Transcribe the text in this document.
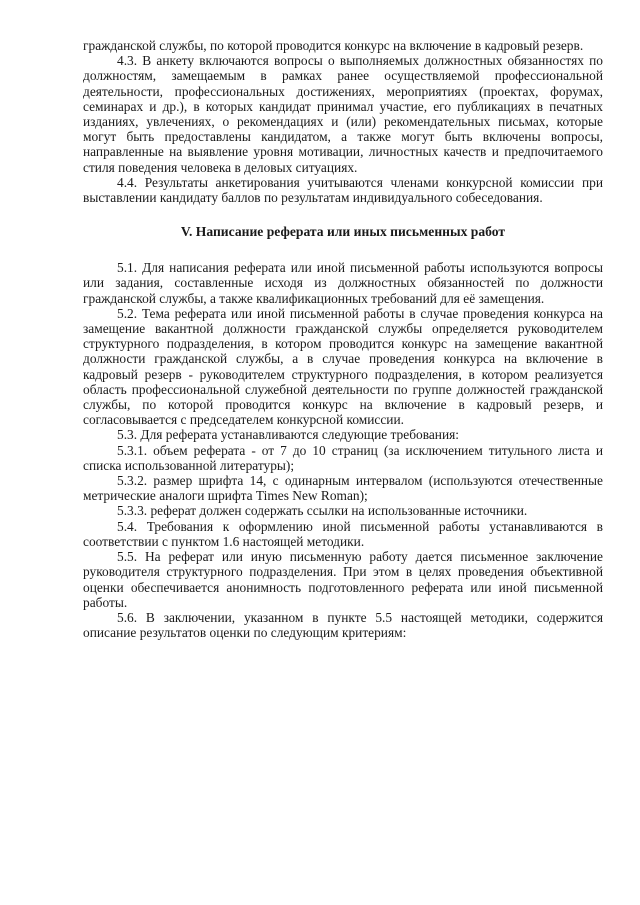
гражданской службы, по которой проводится конкурс на включение в кадровый резерв.

4.3. В анкету включаются вопросы о выполняемых должностных обязанностях по должностям, замещаемым в рамках ранее осуществляемой профессиональной деятельности, профессиональных достижениях, мероприятиях (проектах, форумах, семинарах и др.), в которых кандидат принимал участие, его публикациях в печатных изданиях, увлечениях, о рекомендациях и (или) рекомендательных письмах, которые могут быть предоставлены кандидатом, а также могут быть включены вопросы, направленные на выявление уровня мотивации, личностных качеств и предпочитаемого стиля поведения человека в деловых ситуациях.

4.4. Результаты анкетирования учитываются членами конкурсной комиссии при выставлении кандидату баллов по результатам индивидуального собеседования.

V. Написание реферата или иных письменных работ

5.1. Для написания реферата или иной письменной работы используются вопросы или задания, составленные исходя из должностных обязанностей по должности гражданской службы, а также квалификационных требований для её замещения.

5.2. Тема реферата или иной письменной работы в случае проведения конкурса на замещение вакантной должности гражданской службы определяется руководителем структурного подразделения, в котором проводится конкурс на замещение вакантной должности гражданской службы, а в случае проведения конкурса на включение в кадровый резерв - руководителем структурного подразделения, в котором реализуется область профессиональной служебной деятельности по группе должностей гражданской службы, по которой проводится конкурс на включение в кадровый резерв, и согласовывается с председателем конкурсной комиссии.

5.3. Для реферата устанавливаются следующие требования:

5.3.1. объем реферата - от 7 до 10 страниц (за исключением титульного листа и списка использованной литературы);

5.3.2. размер шрифта 14, с одинарным интервалом (используются отечественные метрические аналоги шрифта Times New Roman);

5.3.3. реферат должен содержать ссылки на использованные источники.

5.4. Требования к оформлению иной письменной работы устанавливаются в соответствии с пунктом 1.6 настоящей методики.

5.5. На реферат или иную письменную работу дается письменное заключение руководителя структурного подразделения. При этом в целях проведения объективной оценки обеспечивается анонимность подготовленного реферата или иной письменной работы.

5.6. В заключении, указанном в пункте 5.5 настоящей методики, содержится описание результатов оценки по следующим критериям:
